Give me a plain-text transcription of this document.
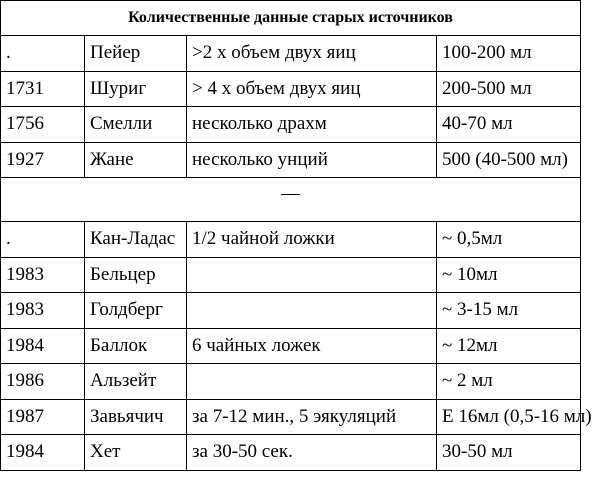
Количественные данные старых источников			
.	Пейер	>2 х объем двух яиц	100-200 мл
1731	Шуриг	> 4 х объем двух яиц	200-500 мл
1756	Смелли	несколько драхм	40-70 мл
1927	Жане	несколько унций	500 (40-500 мл)
—			
.	Кан-Ладас	1/2 чайной ложки	~ 0,5мл
1983	Бельцер		~ 10мл
1983	Голдберг		~ 3-15 мл
1984	Баллок	6 чайных ложек	~ 12мл
1986	Альзейт		~ 2 мл
1987	Завьячич	за 7-12 мин., 5 эякуляций	Е 16мл (0,5-16 мл)
1984	Хет	за 30-50 сек.	30-50 мл
